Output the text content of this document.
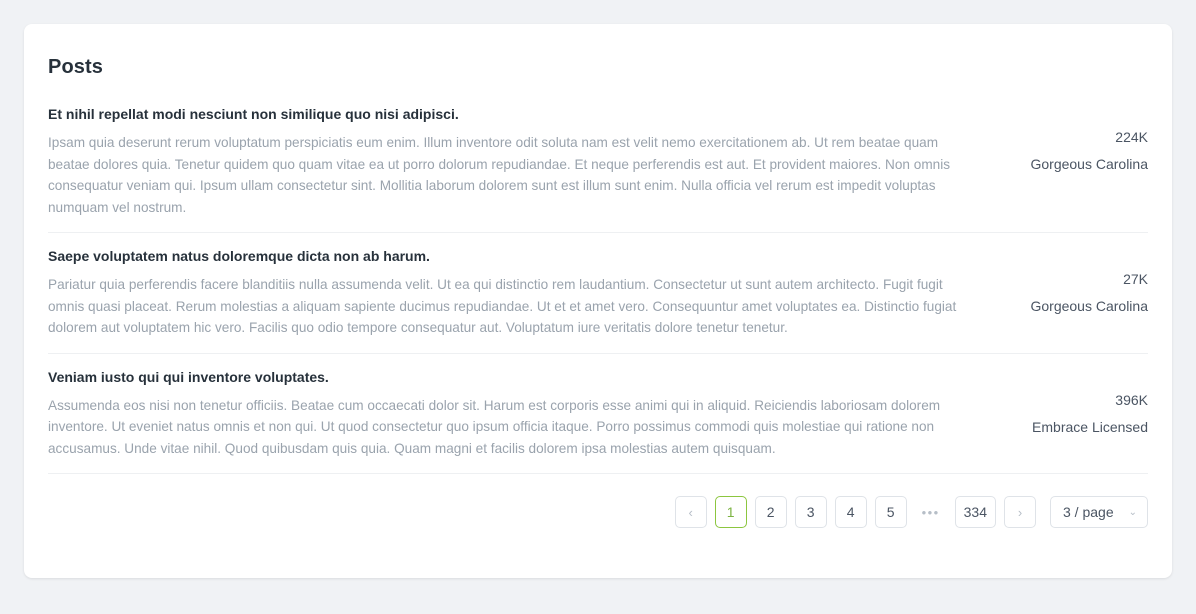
Posts
Et nihil repellat modi nesciunt non similique quo nisi adipisci.
Ipsam quia deserunt rerum voluptatum perspiciatis eum enim. Illum inventore odit soluta nam est velit nemo exercitationem ab. Ut rem beatae quam beatae dolores quia. Tenetur quidem quo quam vitae ea ut porro dolorum repudiandae. Et neque perferendis est aut. Et provident maiores. Non omnis consequatur veniam qui. Ipsum ullam consectetur sint. Mollitia laborum dolorem sunt est illum sunt enim. Nulla officia vel rerum est impedit voluptas numquam vel nostrum.
224K
Gorgeous Carolina
Saepe voluptatem natus doloremque dicta non ab harum.
Pariatur quia perferendis facere blanditiis nulla assumenda velit. Ut ea qui distinctio rem laudantium. Consectetur ut sunt autem architecto. Fugit fugit omnis quasi placeat. Rerum molestias a aliquam sapiente ducimus repudiandae. Ut et et amet vero. Consequuntur amet voluptates ea. Distinctio fugiat dolorem aut voluptatem hic vero. Facilis quo odio tempore consequatur aut. Voluptatum iure veritatis dolore tenetur tenetur.
27K
Gorgeous Carolina
Veniam iusto qui qui inventore voluptates.
Assumenda eos nisi non tenetur officiis. Beatae cum occaecati dolor sit. Harum est corporis esse animi qui in aliquid. Reiciendis laboriosam dolorem inventore. Ut eveniet natus omnis et non qui. Ut quod consectetur quo ipsum officia itaque. Porro possimus commodi quis molestiae qui ratione non accusamus. Unde vitae nihil. Quod quibusdam quis quia. Quam magni et facilis dolorem ipsa molestias autem quisquam.
396K
Embrace Licensed
‹	1	2	3	4	5	•••	334	›	3 / page ⌄
